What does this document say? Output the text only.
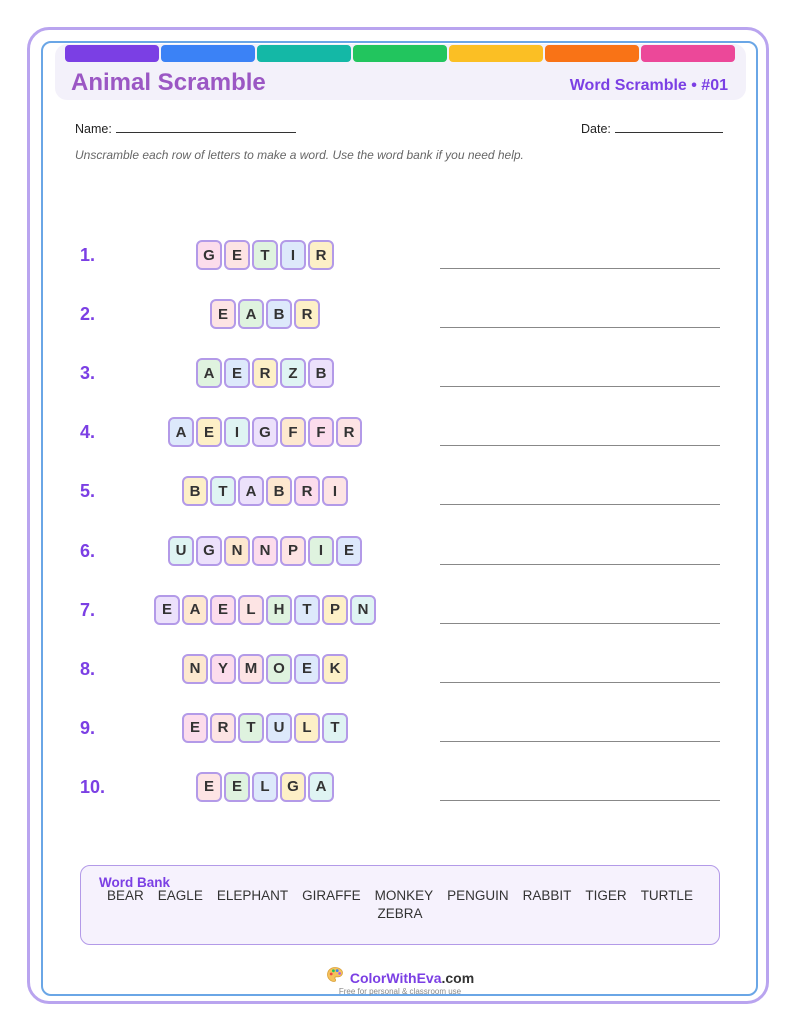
Animal Scramble	Word Scramble • #01
Name:	Date:
Unscramble each row of letters to make a word. Use the word bank if you need help.
1.	G	E	T	I	R
2.	E	A	B	R
3.	A	E	R	Z	B
4.	A	E	I	G	F	F	R
5.	B	T	A	B	R	I
6.	U	G	N	N	P	I	E
7.	E	A	E	L	H	T	P	N
8.	N	Y	M	O	E	K
9.	E	R	T	U	L	T
10.	E	E	L	G	A
Word Bank
BEAR EAGLE ELEPHANT GIRAFFE MONKEY PENGUIN RABBIT TIGER TURTLE
ZEBRA
ColorWithEva.com
Free for personal & classroom use
